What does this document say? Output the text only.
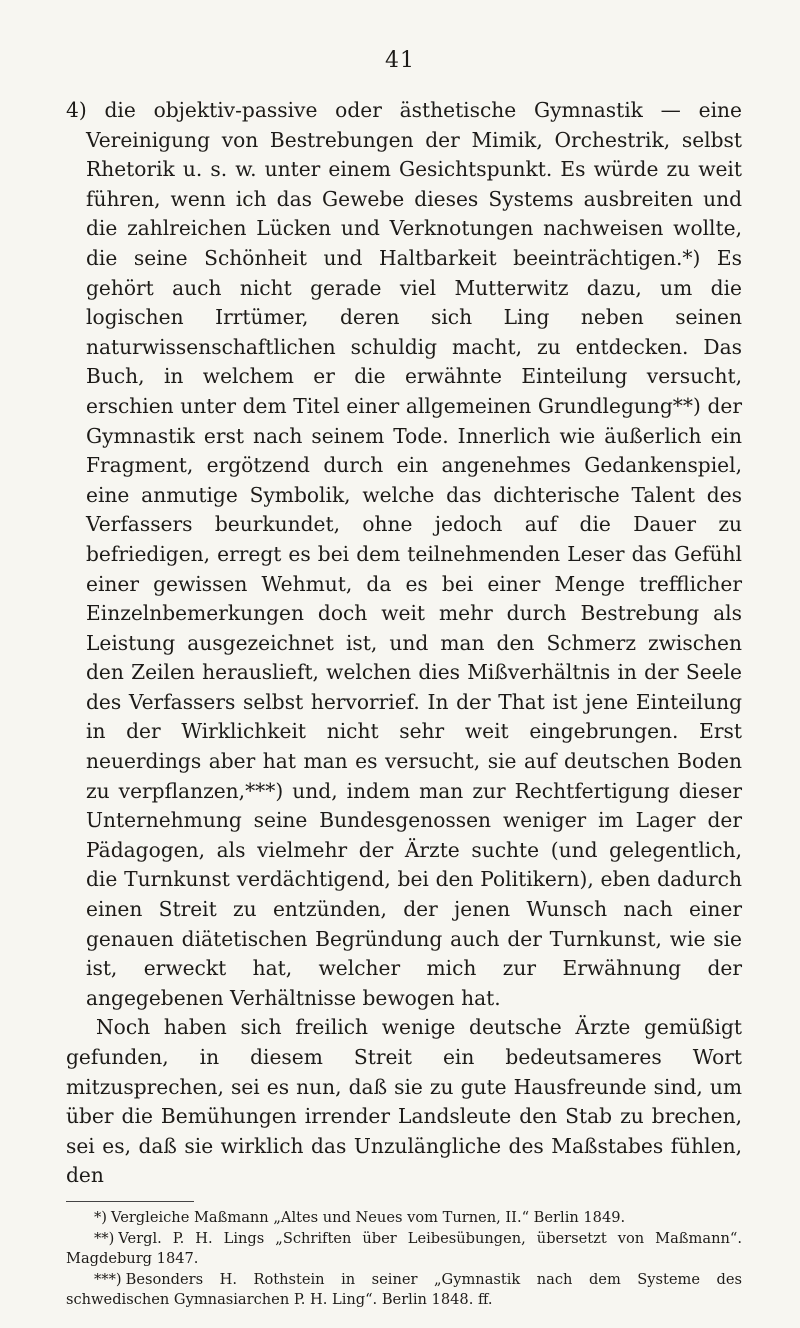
41

4) die objektiv-passive oder ästhetische Gymnastik — eine Vereinigung von Bestrebungen der Mimik, Orchestrik, selbst Rhetorik u. s. w. unter einem Gesichtspunkt. Es würde zu weit führen, wenn ich das Gewebe dieses Systems ausbreiten und die zahlreichen Lücken und Verknotungen nachweisen wollte, die seine Schönheit und Haltbarkeit beeinträchtigen.*) Es gehört auch nicht gerade viel Mutterwitz dazu, um die logischen Irrtümer, deren sich Ling neben seinen naturwissenschaftlichen schuldig macht, zu entdecken. Das Buch, in welchem er die erwähnte Einteilung versucht, erschien unter dem Titel einer allgemeinen Grundlegung**) der Gymnastik erst nach seinem Tode. Innerlich wie äußerlich ein Fragment, ergötzend durch ein angenehmes Gedankenspiel, eine anmutige Symbolik, welche das dichterische Talent des Verfassers beurkundet, ohne jedoch auf die Dauer zu befriedigen, erregt es bei dem teilnehmenden Leser das Gefühl einer gewissen Wehmut, da es bei einer Menge trefflicher Einzelnbemerkungen doch weit mehr durch Bestrebung als Leistung ausgezeichnet ist, und man den Schmerz zwischen den Zeilen herauslieft, welchen dies Mißverhältnis in der Seele des Verfassers selbst hervorrief. In der That ist jene Einteilung in der Wirklichkeit nicht sehr weit eingebrungen. Erst neuerdings aber hat man es versucht, sie auf deutschen Boden zu verpflanzen,***) und, indem man zur Rechtfertigung dieser Unternehmung seine Bundesgenossen weniger im Lager der Pädagogen, als vielmehr der Ärzte suchte (und gelegentlich, die Turnkunst verdächtigend, bei den Politikern), eben dadurch einen Streit zu entzünden, der jenen Wunsch nach einer genauen diätetischen Begründung auch der Turnkunst, wie sie ist, erweckt hat, welcher mich zur Erwähnung der angegebenen Verhältnisse bewogen hat.

Noch haben sich freilich wenige deutsche Ärzte gemüßigt gefunden, in diesem Streit ein bedeutsameres Wort mitzusprechen, sei es nun, daß sie zu gute Hausfreunde sind, um über die Bemühungen irrender Landsleute den Stab zu brechen, sei es, daß sie wirklich das Unzulängliche des Maßstabes fühlen, den

*) Vergleiche Maßmann „Altes und Neues vom Turnen, II.“ Berlin 1849.

**) Vergl. P. H. Lings „Schriften über Leibesübungen, übersetzt von Maßmann“. Magdeburg 1847.

***) Besonders H. Rothstein in seiner „Gymnastik nach dem Systeme des schwedischen Gymnasiarchen P. H. Ling“. Berlin 1848. ff.
